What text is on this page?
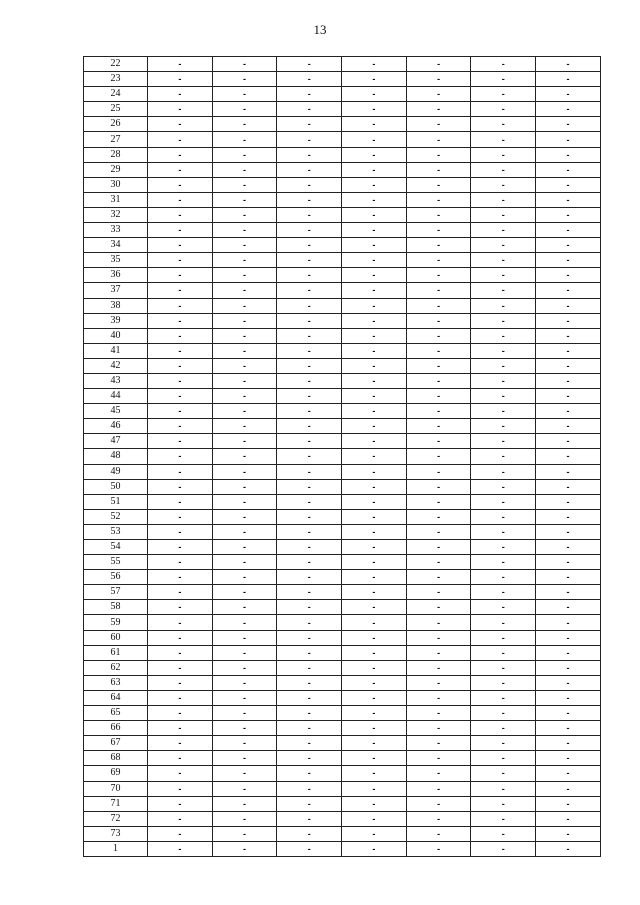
13
22	-	-	-	-	-	-	-
23	-	-	-	-	-	-	-
24	-	-	-	-	-	-	-
25	-	-	-	-	-	-	-
26	-	-	-	-	-	-	-
27	-	-	-	-	-	-	-
28	-	-	-	-	-	-	-
29	-	-	-	-	-	-	-
30	-	-	-	-	-	-	-
31	-	-	-	-	-	-	-
32	-	-	-	-	-	-	-
33	-	-	-	-	-	-	-
34	-	-	-	-	-	-	-
35	-	-	-	-	-	-	-
36	-	-	-	-	-	-	-
37	-	-	-	-	-	-	-
38	-	-	-	-	-	-	-
39	-	-	-	-	-	-	-
40	-	-	-	-	-	-	-
41	-	-	-	-	-	-	-
42	-	-	-	-	-	-	-
43	-	-	-	-	-	-	-
44	-	-	-	-	-	-	-
45	-	-	-	-	-	-	-
46	-	-	-	-	-	-	-
47	-	-	-	-	-	-	-
48	-	-	-	-	-	-	-
49	-	-	-	-	-	-	-
50	-	-	-	-	-	-	-
51	-	-	-	-	-	-	-
52	-	-	-	-	-	-	-
53	-	-	-	-	-	-	-
54	-	-	-	-	-	-	-
55	-	-	-	-	-	-	-
56	-	-	-	-	-	-	-
57	-	-	-	-	-	-	-
58	-	-	-	-	-	-	-
59	-	-	-	-	-	-	-
60	-	-	-	-	-	-	-
61	-	-	-	-	-	-	-
62	-	-	-	-	-	-	-
63	-	-	-	-	-	-	-
64	-	-	-	-	-	-	-
65	-	-	-	-	-	-	-
66	-	-	-	-	-	-	-
67	-	-	-	-	-	-	-
68	-	-	-	-	-	-	-
69	-	-	-	-	-	-	-
70	-	-	-	-	-	-	-
71	-	-	-	-	-	-	-
72	-	-	-	-	-	-	-
73	-	-	-	-	-	-	-
1	-	-	-	-	-	-	-
